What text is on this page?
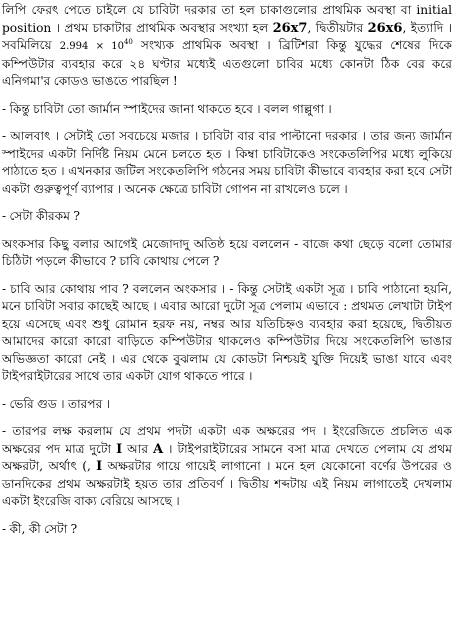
লিপি ফেরৎ পেতে চাইলে যে চাবিটা দরকার তা হল চাকাগুলোর প্রাথমিক অবস্থা বা initial position । প্রথম চাকাটার প্রাথমিক অবস্থার সংখ্যা হল 26x7, দ্বিতীয়টার 26x6, ইত্যাদি । সবমিলিয়ে $2.994 \times 10^{40}$ সংখ্যক প্রাথমিক অবস্থা । ব্রিটিশরা কিন্তু যুদ্ধের শেষের দিকে কম্পিউটার ব্যবহার করে ২৪ ঘণ্টার মধ্যেই এতগুলো চাবির মধ্যে কোনটা ঠিক বের করে এনিগমা'র কোডও ভাঙতে পারছিল !

- কিন্তু চাবিটা তো জার্মান স্পাইদের জানা থাকতে হবে । বলল গাল্লুগা ।

- আলবাৎ । সেটাই তো সবচেয়ে মজার । চাবিটা বার বার পাল্টানো দরকার । তার জন্য জার্মান স্পাইদের একটা নির্দিষ্ট নিয়ম মেনে চলতে হত । কিম্বা চাবিটাকেও সংকেতলিপির মধ্যে লুকিয়ে পাঠাতে হত । এখনকার জটিল সংকেতলিপি গঠনের সময় চাবিটা কীভাবে ব্যবহার করা হবে সেটা একটা গুরুত্বপূর্ণ ব্যাপার । অনেক ক্ষেত্রে চাবিটা গোপন না রাখলেও চলে ।

- সেটা কীরকম ?

অংকসার কিছু বলার আগেই মেজোদাদু অতিষ্ঠ হয়ে বললেন - বাজে কথা ছেড়ে বলো তোমার চিঠিটা পড়লে কীভাবে ? চাবি কোথায় পেলে ?

- চাবি আর কোথায় পাব ? বললেন অংকসার । - কিন্তু সেটাই একটা সূত্র । চাবি পাঠানো হয়নি, মনে চাবিটা সবার কাছেই আছে । এবার আরো দুটো সূত্র পেলাম এভাবে : প্রথমত লেখাটা টাইপ হয়ে এসেছে এবং শুধু রোমান হরফ নয়, নম্বর আর যতিচিহ্নও ব্যবহার করা হয়েছে, দ্বিতীয়ত আমাদের কারো কারো বাড়িতে কম্পিউটার থাকলেও কম্পিউটার দিয়ে সংকেতলিপি ভাঙার অভিজ্ঞতা কারো নেই । এর থেকে বুঝলাম যে কোডটা নিশ্চয়ই যুক্তি দিয়েই ভাঙা যাবে এবং টাইপরাইটারের সাথে তার একটা যোগ থাকতে পারে ।

- ভেরি গুড । তারপর ।

- তারপর লক্ষ করলাম যে প্রথম পদটা একটা এক অক্ষরের পদ । ইংরেজিতে প্রচলিত এক অক্ষরের পদ মাত্র দুটো I আর A । টাইপরাইটারের সামনে বসা মাত্র দেখতে পেলাম যে প্রথম অক্ষরটা, অর্থাৎ (, I অক্ষরটার গায়ে গায়েই লাগানো । মনে হল যেকোনো বর্ণের উপরের ও ডানদিকের প্রথম অক্ষরটাই হয়ত তার প্রতিবর্ণ । দ্বিতীয় শব্দটায় এই নিয়ম লাগাতেই দেখলাম একটা ইংরেজি বাক্য বেরিয়ে আসছে ।

- কী, কী সেটা ?
